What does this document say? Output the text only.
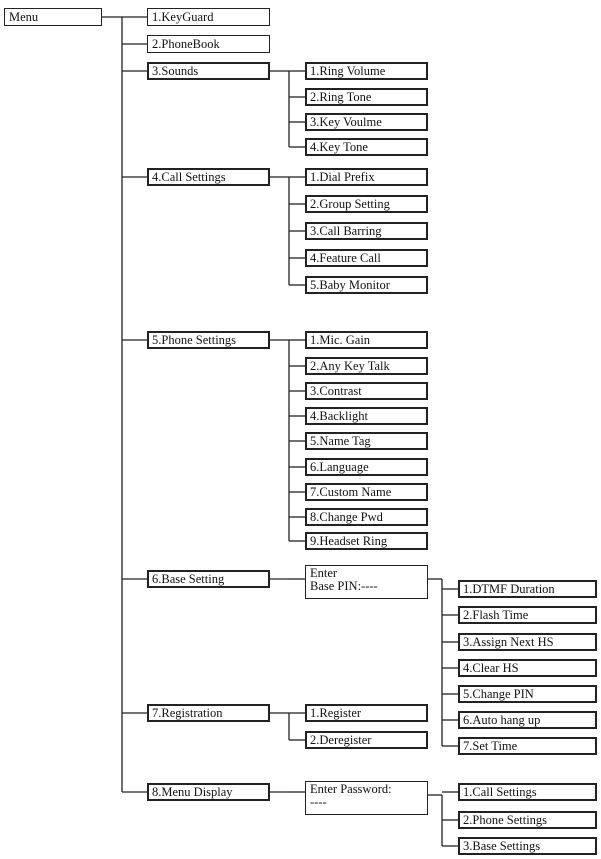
Menu	1.KeyGuard
2.PhoneBook
3.Sounds	1.Ring Volume
2.Ring Tone
3.Key Voulme
4.Key Tone
4.Call Settings	1.Dial Prefix
2.Group Setting
3.Call Barring
4.Feature Call
5.Baby Monitor
5.Phone Settings	1.Mic. Gain
2.Any Key Talk
3.Contrast
4.Backlight
5.Name Tag
6.Language
7.Custom Name
8.Change Pwd
9.Headset Ring
6.Base Setting	Enter
Base PIN:----	1.DTMF Duration
2.Flash Time
3.Assign Next HS
4.Clear HS
5.Change PIN
6.Auto hang up
7.Set Time
7.Registration	1.Register
2.Deregister
8.Menu Display	Enter Password:
----
1.Call Settings
2.Phone Settings
3.Base Settings
